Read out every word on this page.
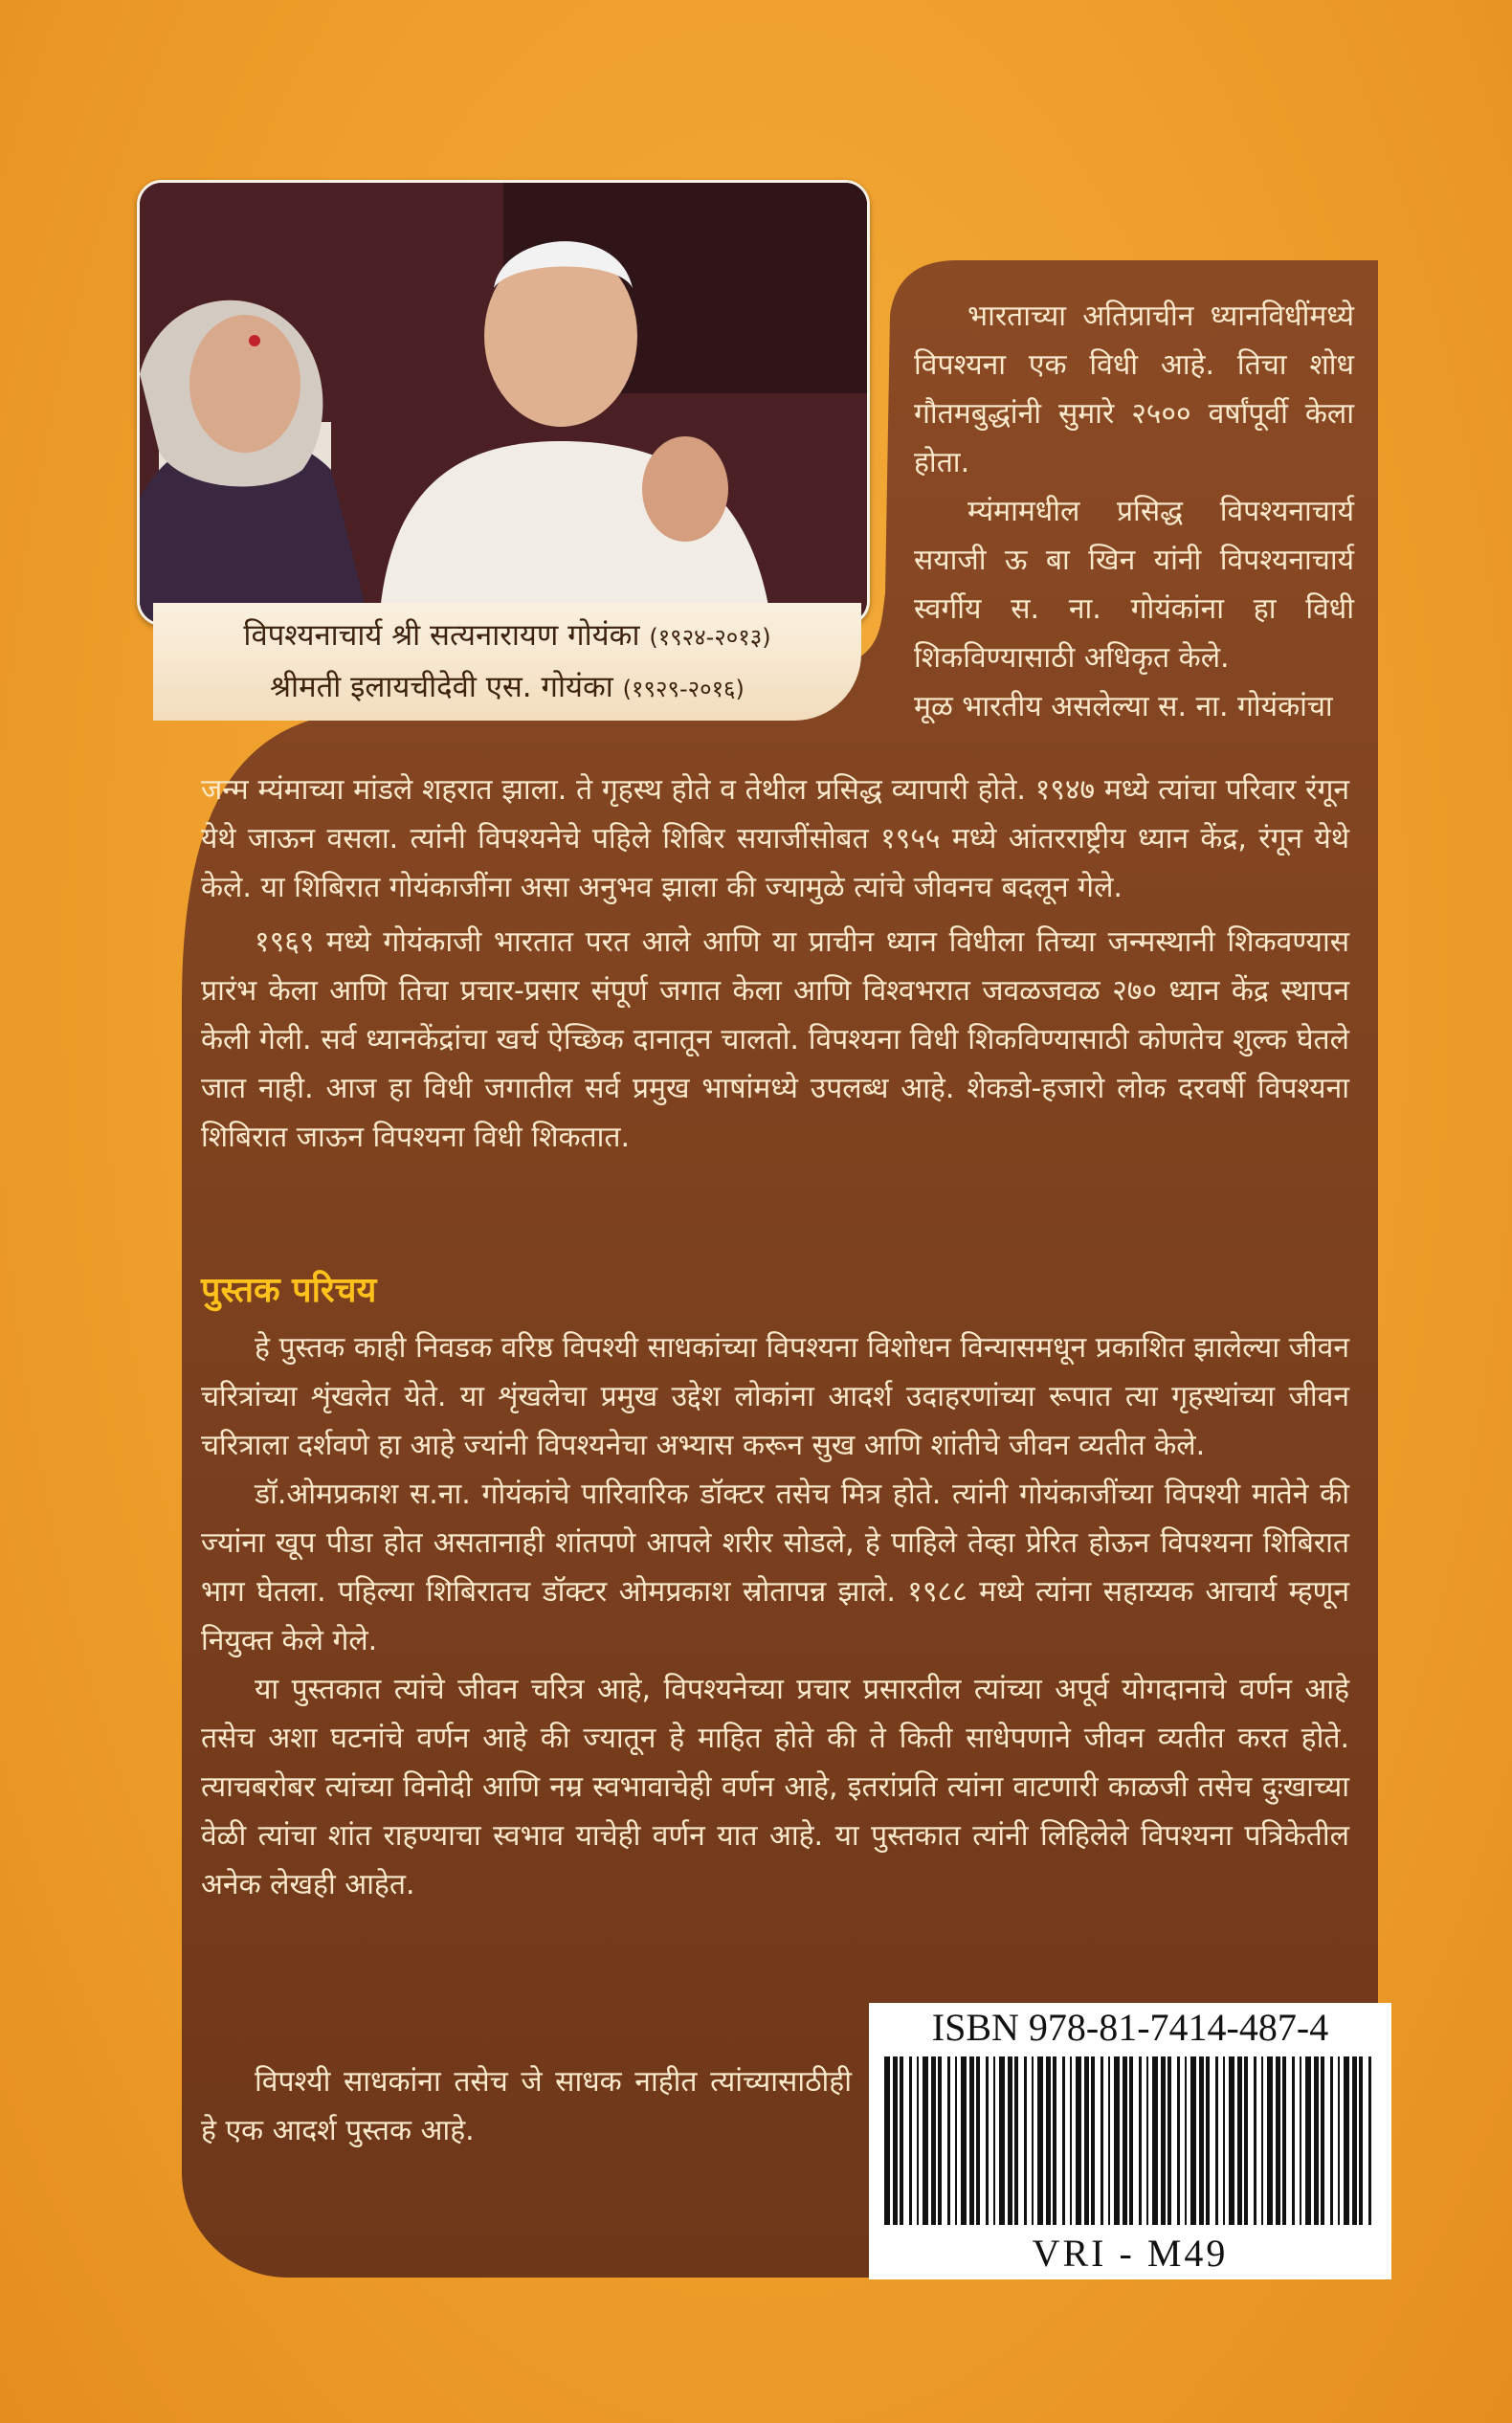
विपश्यनाचार्य श्री सत्यनारायण गोयंका (१९२४-२०१३)
श्रीमती इलायचीदेवी एस. गोयंका (१९२९-२०१६)

भारताच्या अतिप्राचीन ध्यानविधींमध्ये विपश्यना एक विधी आहे. तिचा शोध गौतमबुद्धांनी सुमारे २५०० वर्षांपूर्वी केला होता.

म्यंमामधील प्रसिद्ध विपश्यनाचार्य सयाजी ऊ बा खिन यांनी विपश्यनाचार्य स्वर्गीय स. ना. गोयंकांना हा विधी शिकविण्यासाठी अधिकृत केले.

मूळ भारतीय असलेल्या स. ना. गोयंकांचा

जन्म म्यंमाच्या मांडले शहरात झाला. ते गृहस्थ होते व तेथील प्रसिद्ध व्यापारी होते. १९४७ मध्ये त्यांचा परिवार रंगून येथे जाऊन वसला. त्यांनी विपश्यनेचे पहिले शिबिर सयाजींसोबत १९५५ मध्ये आंतरराष्ट्रीय ध्यान केंद्र, रंगून येथे केले. या शिबिरात गोयंकाजींना असा अनुभव झाला की ज्यामुळे त्यांचे जीवनच बदलून गेले.

१९६९ मध्ये गोयंकाजी भारतात परत आले आणि या प्राचीन ध्यान विधीला तिच्या जन्मस्थानी शिकवण्यास प्रारंभ केला आणि तिचा प्रचार-प्रसार संपूर्ण जगात केला आणि विश्वभरात जवळजवळ २७० ध्यान केंद्र स्थापन केली गेली. सर्व ध्यानकेंद्रांचा खर्च ऐच्छिक दानातून चालतो. विपश्यना विधी शिकविण्यासाठी कोणतेच शुल्क घेतले जात नाही. आज हा विधी जगातील सर्व प्रमुख भाषांमध्ये उपलब्ध आहे. शेकडो-हजारो लोक दरवर्षी विपश्यना शिबिरात जाऊन विपश्यना विधी शिकतात.

पुस्तक परिचय

हे पुस्तक काही निवडक वरिष्ठ विपश्यी साधकांच्या विपश्यना विशोधन विन्यासमधून प्रकाशित झालेल्या जीवन चरित्रांच्या शृंखलेत येते. या शृंखलेचा प्रमुख उद्देश लोकांना आदर्श उदाहरणांच्या रूपात त्या गृहस्थांच्या जीवन चरित्राला दर्शवणे हा आहे ज्यांनी विपश्यनेचा अभ्यास करून सुख आणि शांतीचे जीवन व्यतीत केले.

डॉ.ओमप्रकाश स.ना. गोयंकांचे पारिवारिक डॉक्टर तसेच मित्र होते. त्यांनी गोयंकाजींच्या विपश्यी मातेने की ज्यांना खूप पीडा होत असतानाही शांतपणे आपले शरीर सोडले, हे पाहिले तेव्हा प्रेरित होऊन विपश्यना शिबिरात भाग घेतला. पहिल्या शिबिरातच डॉक्टर ओमप्रकाश स्रोतापन्न झाले. १९८८ मध्ये त्यांना सहाय्यक आचार्य म्हणून नियुक्त केले गेले.

या पुस्तकात त्यांचे जीवन चरित्र आहे, विपश्यनेच्या प्रचार प्रसारतील त्यांच्या अपूर्व योगदानाचे वर्णन आहे तसेच अशा घटनांचे वर्णन आहे की ज्यातून हे माहित होते की ते किती साधेपणाने जीवन व्यतीत करत होते. त्याचबरोबर त्यांच्या विनोदी आणि नम्र स्वभावाचेही वर्णन आहे, इतरांप्रति त्यांना वाटणारी काळजी तसेच दुःखाच्या वेळी त्यांचा शांत राहण्याचा स्वभाव याचेही वर्णन यात आहे. या पुस्तकात त्यांनी लिहिलेले विपश्यना पत्रिकेतील अनेक लेखही आहेत.

विपश्यी साधकांना तसेच जे साधक नाहीत त्यांच्यासाठीही हे एक आदर्श पुस्तक आहे.

ISBN 978-81-7414-487-4
VRI - M49
